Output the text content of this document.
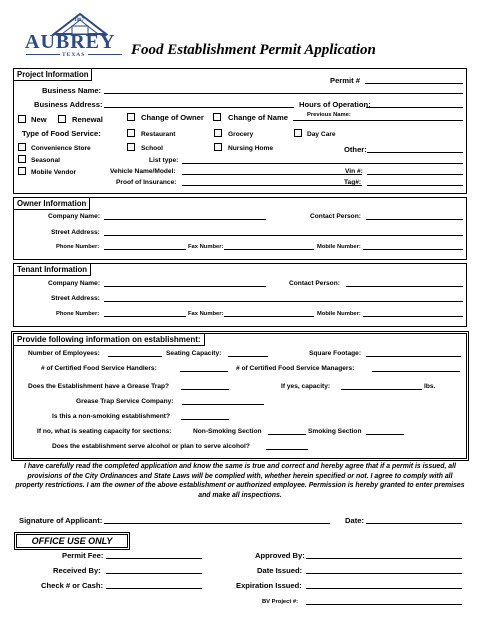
1887
AUBREY
TEXAS	Food Establishment Permit Application
Project Information
Permit #
Business Name:
Business Address:	Hours of Operation:
New	Renewal	Change of Owner	Change of Name	Previous Name:
Type of Food Service:	Restaurant	Grocery	Day Care
Convenience Store	School	Nursing Home	Other:
Seasonal	List type:
Mobile Vendor	Vehicle Name/Model:	Vin #:
Proof of Insurance:	Tag#:
Owner Information
Company Name:	Contact Person:
Street Address:
Phone Number:	Fax Number:	Mobile Number:
Tenant Information
Company Name:	Contact Person:
Street Address:
Phone Number:	Fax Number:	Mobile Number:
Provide following information on establishment:
Number of Employees:	Seating Capacity:	Square Footage:
# of Certified Food Service Handlers:	# of Certified Food Service Managers:
Does the Establishment have a Grease Trap?	If yes, capacity:	lbs.
Grease Trap Service Company:
Is this a non-smoking establishment?
If no, what is seating capacity for sections:	Non-Smoking Section	Smoking Section
Does the establishment serve alcohol or plan to serve alcohol?
I have carefully read the completed application and know the same is true and correct and hereby agree that if a permit is issued, all provisions of the City Ordinances and State Laws will be complied with, whether herein specified or not. I agree to comply with all property restrictions. I am the owner of the above establishment or authorized employee. Permission is hereby granted to enter premises and make all inspections.
Signature of Applicant:	Date:
OFFICE USE ONLY
Permit Fee:	Approved By:
Received By:	Date Issued:
Check # or Cash:	Expiration Issued:
BV Project #:
